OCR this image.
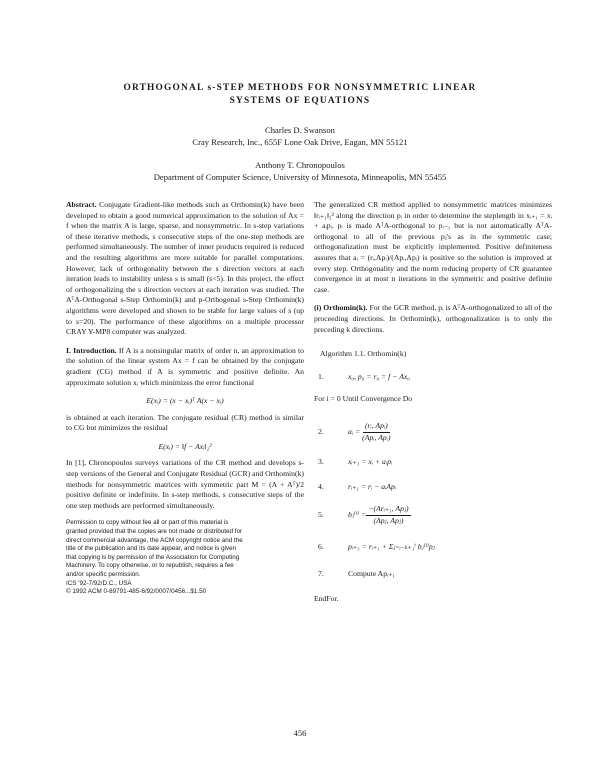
ORTHOGONAL s-STEP METHODS FOR NONSYMMETRIC LINEAR
SYSTEMS OF EQUATIONS
Charles D. Swanson
Cray Research, Inc., 655F Lone Oak Drive, Eagan, MN 55121
Anthony T. Chronopoulos
Department of Computer Science, University of Minnesota, Minneapolis, MN 55455

Abstract. Conjugate Gradient-like methods such as Orthomin(k) have been developed to obtain a good numerical approximation to the solution of Ax = f when the matrix A is large, sparse, and nonsymmetric. In s-step variations of these iterative methods, s consecutive steps of the one-step methods are performed simultaneously. The number of inner products required is reduced and the resulting algorithms are more suitable for parallel computations. However, lack of orthogonality between the s direction vectors at each iteration leads to instability unless s is small (s<5). In this project, the effect of orthogonalizing the s direction vectors at each iteration was studied. The AᵀA-Orthogonal s-Step Orthomin(k) and p-Orthogonal s-Step Orthomin(k) algorithms were developed and shown to be stable for large values of s (up to s=20). The performance of these algorithms on a multiple processor CRAY Y-MP8 computer was analyzed.

I. Introduction. If A is a nonsingular matrix of order n, an approximation to the solution of the linear system Ax = f can be obtained by the conjugate gradient (CG) method if A is symmetric and positive definite. An approximate solution xᵢ which minimizes the error functional

E(xᵢ) = (x − xᵢ)ᵀ A(x − xᵢ)

is obtained at each iteration. The conjugate residual (CR) method is similar to CG but minimizes the residual

E(xᵢ) = ‖f − Axᵢ‖₂²

In [1], Chronopoulos surveys variations of the CR method and develops s-step versions of the General and Conjugate Residual (GCR) and Orthomin(k) methods for nonsymmetric matrices with symmetric part M = (A + Aᵀ)/2 positive definite or indefinite. In s-step methods, s consecutive steps of the one step methods are performed simultaneously.

Permission to copy without fee all or part of this material is
granted provided that the copies are not made or distributed for
direct commercial advantage, the ACM copyright notice and the
title of the publication and its date appear, and notice is given
that copying is by permission of the Association for Computing
Machinery. To copy otherwise, or to republish, requires a fee
and/or specific permission.
ICS '92-7/92/D.C., USA
© 1992 ACM 0-89791-485-6/92/0007/0456...$1.50

The generalized CR method applied to nonsymmetric matrices minimizes ‖rᵢ₊₁‖₂² along the direction pᵢ in order to determine the steplength in xᵢ₊₁ = xᵢ + aᵢpᵢ. pᵢ is made AᵀA-orthogonal to pᵢ₋₁ but is not automatically AᵀA-orthogonal to all of the previous pⱼ's as in the symmetric case; orthogonalization must be explicitly implemented. Positive definiteness assures that aᵢ = (rᵢ,Apᵢ)/(Apᵢ,Apᵢ) is positive so the solution is improved at every step. Orthogonality and the norm reducing property of CR guarantee convergence in at most n iterations in the symmetric and positive definite case.

(i) Orthomin(k). For the GCR method, pᵢ is AᵀA-orthogonalized to all of the proceeding directions. In Orthomin(k), orthogonalization is to only the preceding k directions.

Algorithm 1.1. Orthomin(k)
1.	x₀, p₀ = r₀ = f − Ax₀
For i = 0 Until Convergence Do
2.	aᵢ = $\frac{\text{(rᵢ, Apᵢ)}}{\text{(Apᵢ, Apᵢ)}}$
3.	xᵢ₊₁ = xᵢ + aᵢpᵢ
4.	rᵢ₊₁ = rᵢ − aᵢApᵢ
5.	bⱼ⁽ⁱ⁾ = $\frac{\text{−(Arᵢ₊₁, Apⱼ)}}{\text{(Apⱼ, Apⱼ)}}$
6.	pᵢ₊₁ = rᵢ₊₁ + Σⱼ₌ᵢ₋ₖ₊₁ⁱ bⱼ⁽ⁱ⁾pⱼ
7.	Compute Apᵢ₊₁
EndFor.
456
